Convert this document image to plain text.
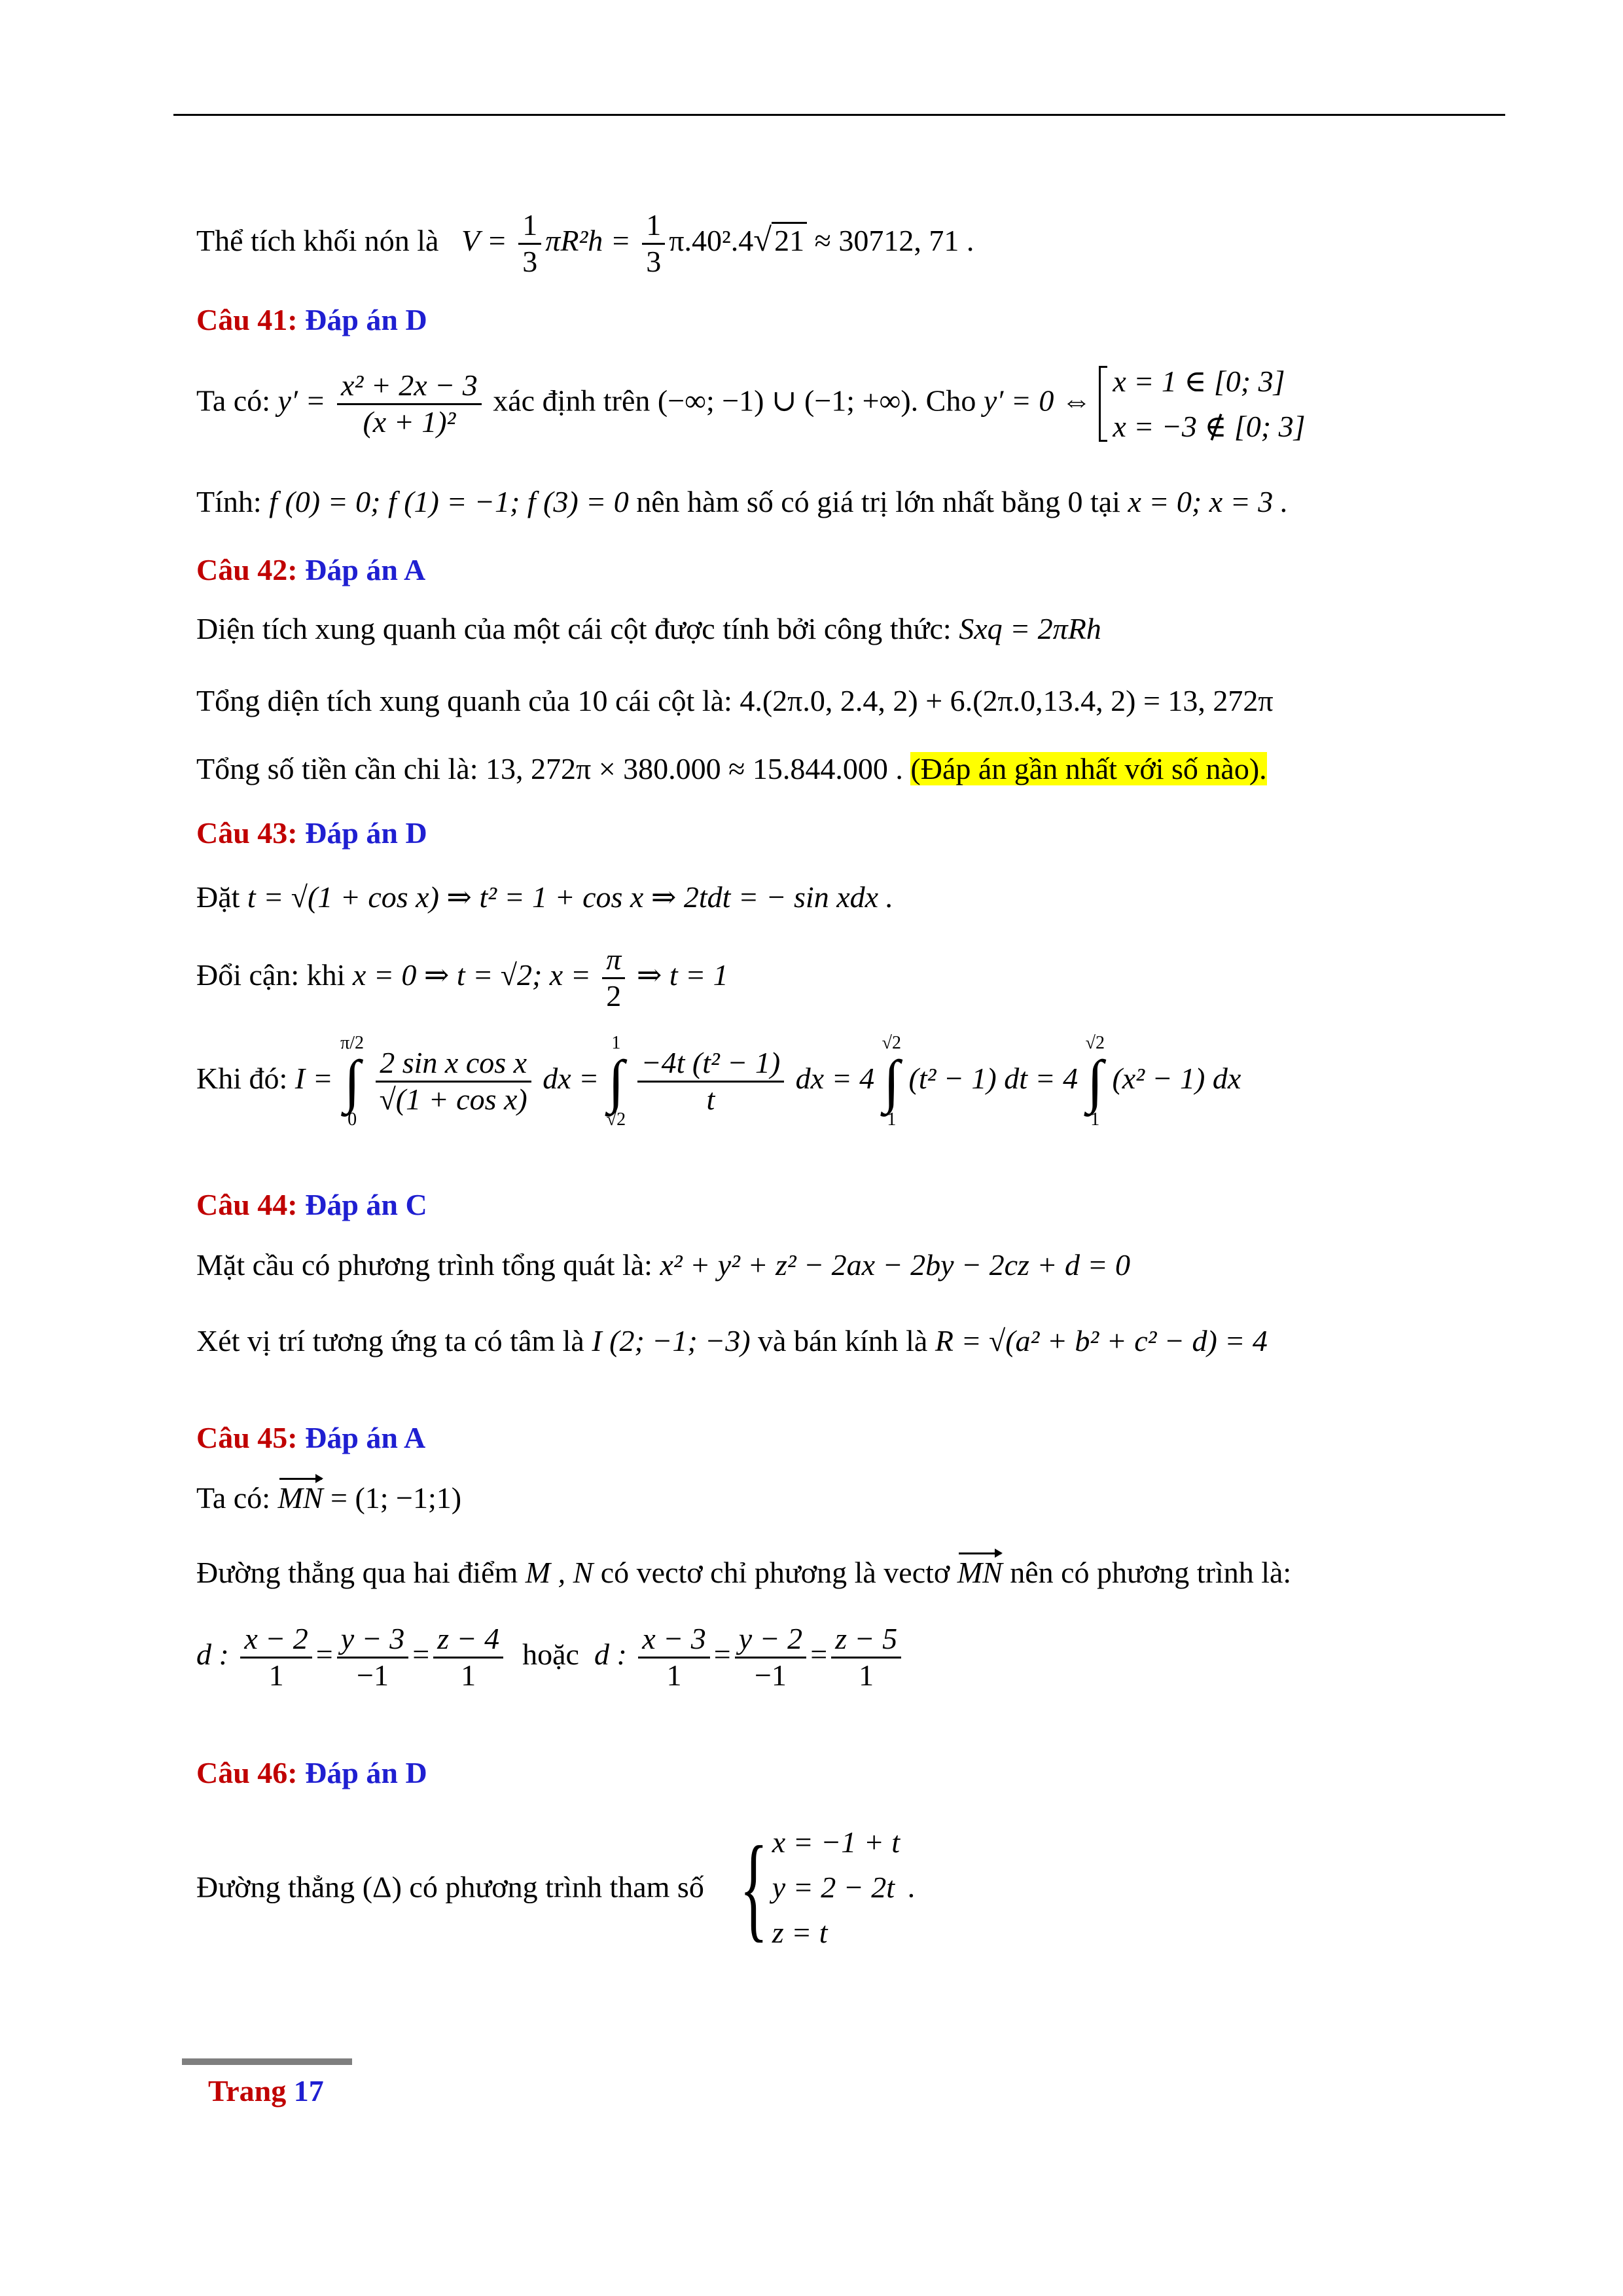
Thể tích khối nón là $V = \frac{1}{3} \pi R^2h = \frac{1}{3} \pi.40^2.4√21 \approx 30712$, 71 .
Câu 41: Đáp án D
Ta có: $y' = \frac{\text{x² + 2x − 3}}{\text{(x + 1)²}}$ xác định trên (−∞; −1) ∪ (−1; +∞). Cho y′ = 0 ⇔
x = 1 ∈ [0; 3]
x = −3 ∉ [0; 3]
Tính: f (0) = 0; f (1) = −1; f (3) = 0 nên hàm số có giá trị lớn nhất bằng 0 tại x = 0; x = 3 .
Câu 42: Đáp án A
Diện tích xung quanh của một cái cột được tính bởi công thức: Sxq = 2πRh
Tổng diện tích xung quanh của 10 cái cột là: 4.(2π.0, 2.4, 2) + 6.(2π.0,13.4, 2) = 13, 272π
Tổng số tiền cần chi là: 13, 272π × 380.000 ≈ 15.844.000 . (Đáp án gần nhất với số nào).
Câu 43: Đáp án D
Đặt t = √(1 + cos x) ⇒ t² = 1 + cos x ⇒ 2tdt = − sin xdx .
Đổi cận: khi x = 0 ⇒ t = √2; $x = \frac{\pi}{2}$ ⇒ t = 1
Khi đó: I =
π/2
∫
0

$\frac{\text{2 sin x cos x}}{\text{√(1 + cos x)}}$ dx =
1
∫
√2

$\frac{\text{−4t (t² − 1)}}{t}$ dx = 4
√2
∫
1
(t² − 1) dt = 4
√2
∫
1
(x² − 1) dx
Câu 44: Đáp án C
Mặt cầu có phương trình tổng quát là: x² + y² + z² − 2ax − 2by − 2cz + d = 0
Xét vị trí tương ứng ta có tâm là I (2; −1; −3) và bán kính là R = √(a² + b² + c² − d) = 4
Câu 45: Đáp án A
Ta có: MN = (1; −1;1)
Đường thẳng qua hai điểm M , N có vectơ chỉ phương là vectơ MN nên có phương trình là:
d : $\frac{x - 2}{1} = \frac{y - 3}{-1} = \frac{z - 4}{1}$ hoặc d : $\frac{x - 3}{1} = \frac{y - 2}{-1} = \frac{z - 5}{1}$
Câu 46: Đáp án D
Đường thẳng (Δ) có phương trình tham số { x = −1 + t
y = 2 − 2t
z = t
.
Trang 17
